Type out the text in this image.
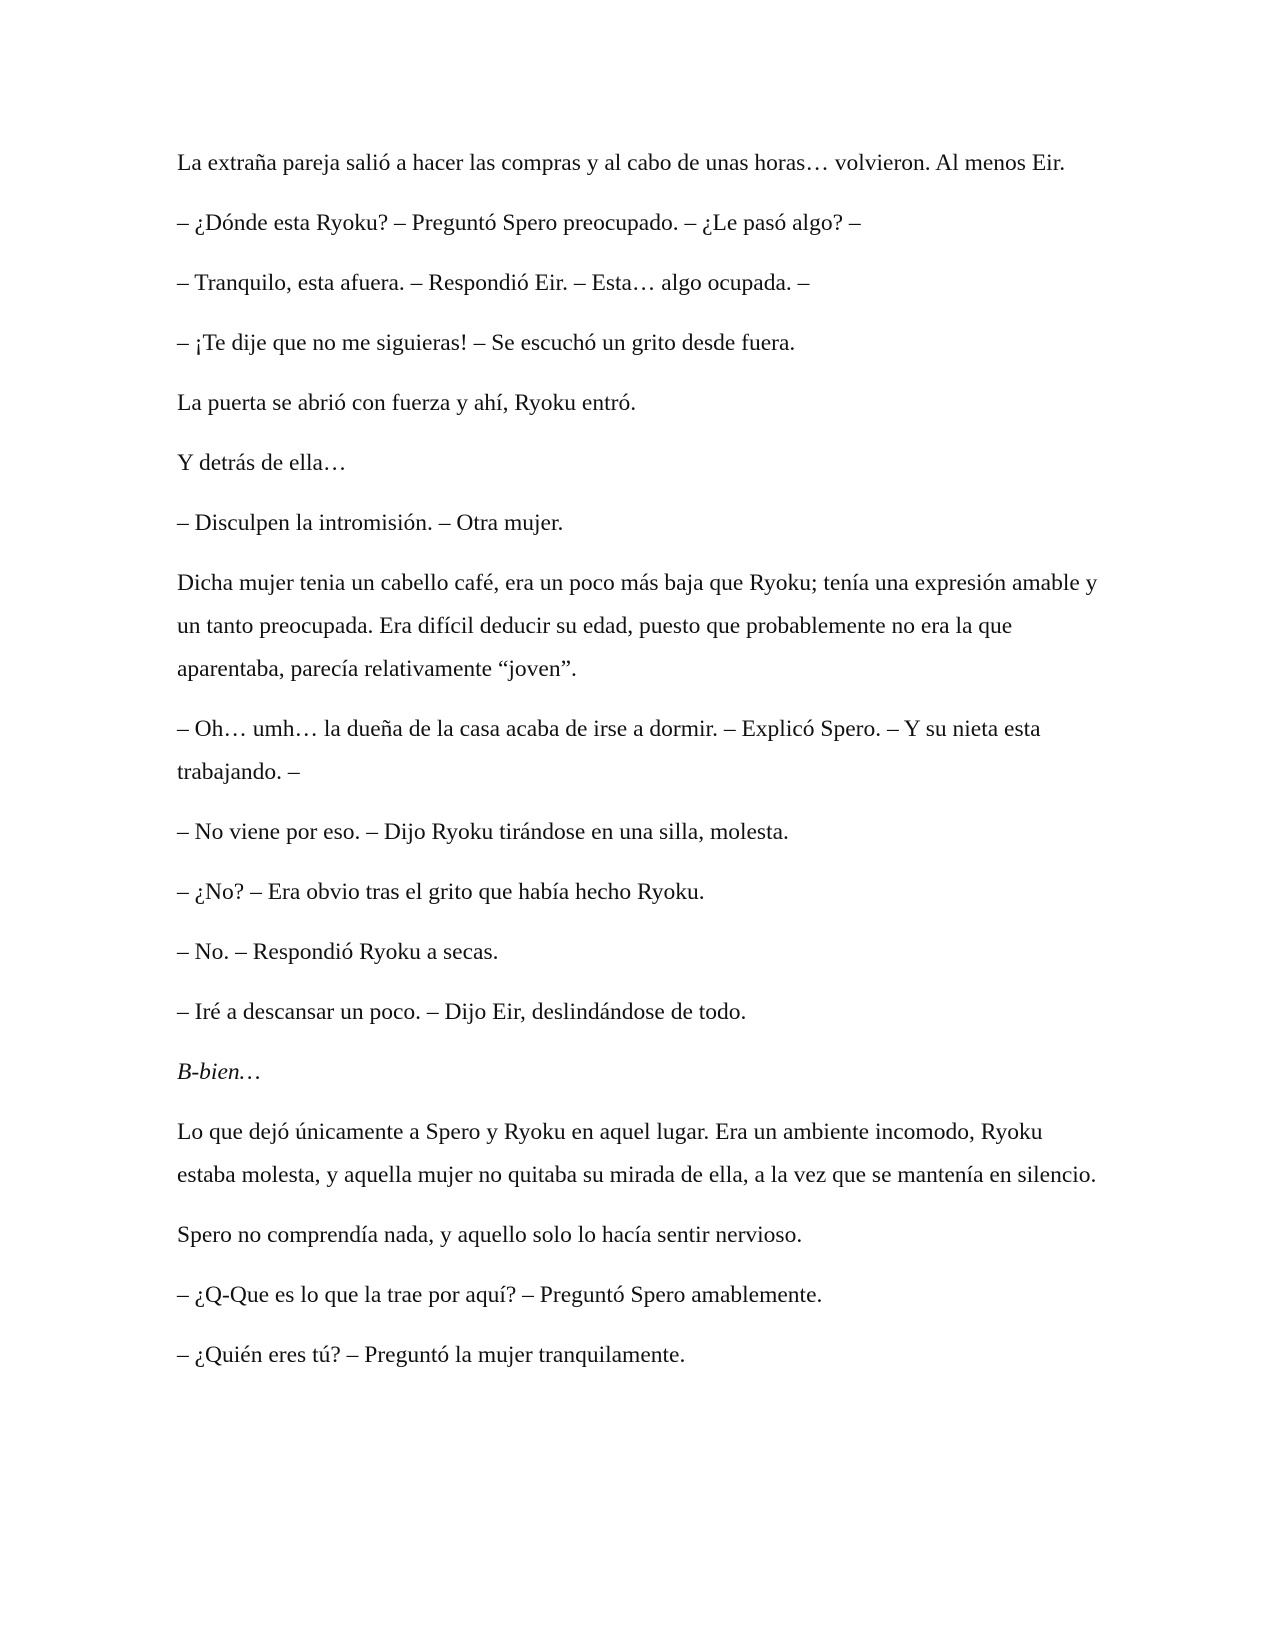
La extraña pareja salió a hacer las compras y al cabo de unas horas… volvieron. Al menos Eir.

– ¿Dónde esta Ryoku? – Preguntó Spero preocupado. – ¿Le pasó algo? –

– Tranquilo, esta afuera. – Respondió Eir. – Esta… algo ocupada. –

– ¡Te dije que no me siguieras! – Se escuchó un grito desde fuera.

La puerta se abrió con fuerza y ahí, Ryoku entró.

Y detrás de ella…

– Disculpen la intromisión. – Otra mujer.

Dicha mujer tenia un cabello café, era un poco más baja que Ryoku; tenía una expresión amable y un tanto preocupada. Era difícil deducir su edad, puesto que probablemente no era la que aparentaba, parecía relativamente “joven”.

– Oh… umh… la dueña de la casa acaba de irse a dormir. – Explicó Spero. – Y su nieta esta trabajando. –

– No viene por eso. – Dijo Ryoku tirándose en una silla, molesta.

– ¿No? – Era obvio tras el grito que había hecho Ryoku.

– No. – Respondió Ryoku a secas.

– Iré a descansar un poco. – Dijo Eir, deslindándose de todo.

B-bien…

Lo que dejó únicamente a Spero y Ryoku en aquel lugar. Era un ambiente incomodo, Ryoku estaba molesta, y aquella mujer no quitaba su mirada de ella, a la vez que se mantenía en silencio.

Spero no comprendía nada, y aquello solo lo hacía sentir nervioso.

– ¿Q-Que es lo que la trae por aquí? – Preguntó Spero amablemente.

– ¿Quién eres tú? – Preguntó la mujer tranquilamente.
